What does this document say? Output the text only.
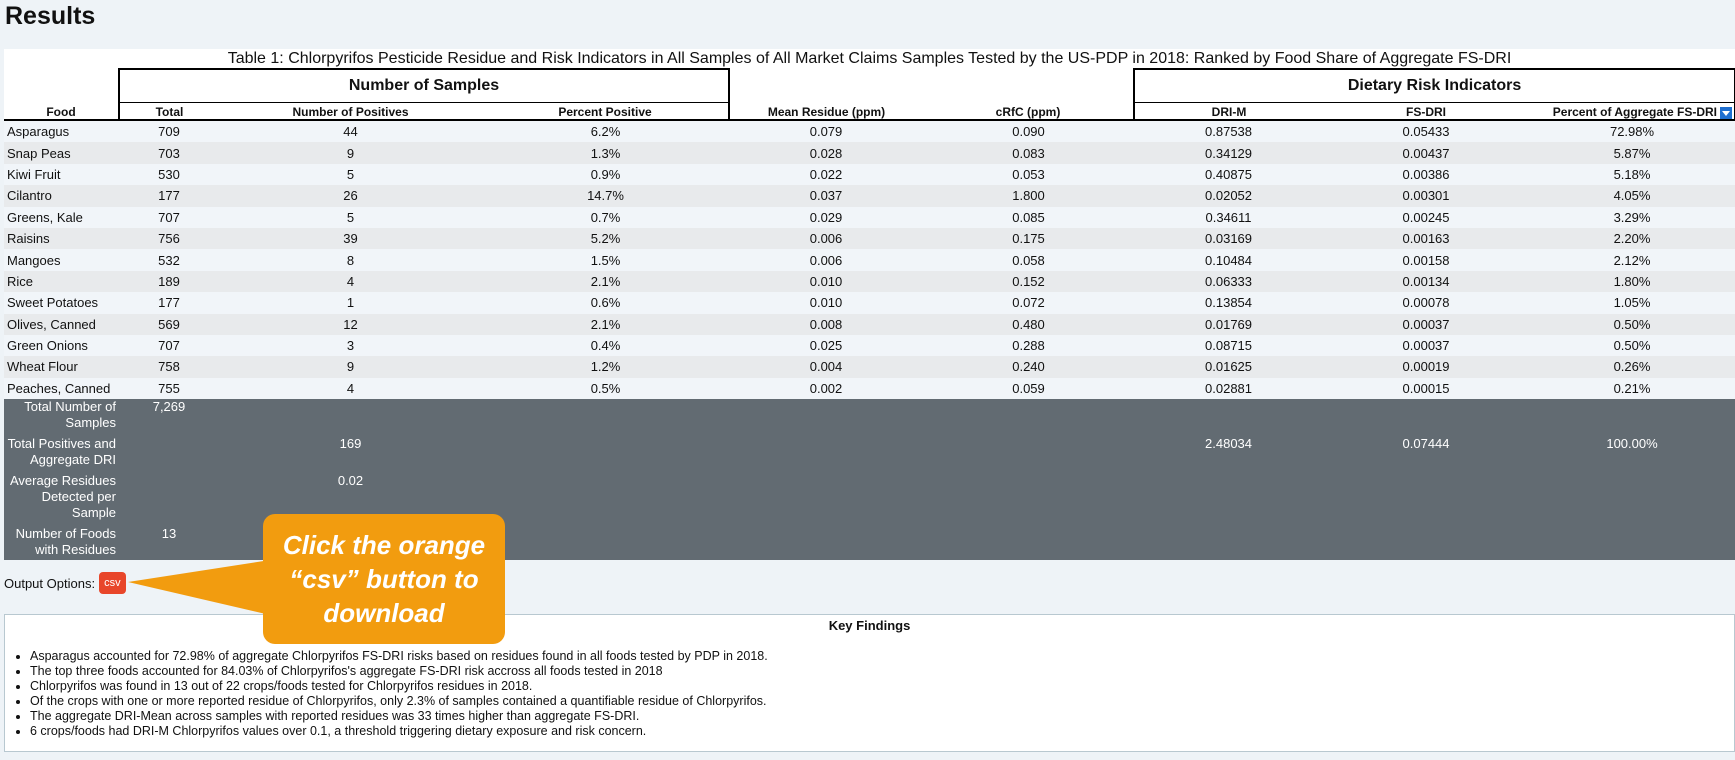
Results
Table 1: Chlorpyrifos Pesticide Residue and Risk Indicators in All Samples of All Market Claims Samples Tested by the US-PDP in 2018: Ranked by Food Share of Aggregate FS-DRI
	Number of Samples					Dietary Risk Indicators		
Food	Total	Number of Positives	Percent Positive	Mean Residue (ppm)	cRfC (ppm)	DRI-M	FS-DRI	Percent of Aggregate FS-DRI
Asparagus	709	44	6.2%	0.079	0.090	0.87538	0.05433	72.98%
Snap Peas	703	9	1.3%	0.028	0.083	0.34129	0.00437	5.87%
Kiwi Fruit	530	5	0.9%	0.022	0.053	0.40875	0.00386	5.18%
Cilantro	177	26	14.7%	0.037	1.800	0.02052	0.00301	4.05%
Greens, Kale	707	5	0.7%	0.029	0.085	0.34611	0.00245	3.29%
Raisins	756	39	5.2%	0.006	0.175	0.03169	0.00163	2.20%
Mangoes	532	8	1.5%	0.006	0.058	0.10484	0.00158	2.12%
Rice	189	4	2.1%	0.010	0.152	0.06333	0.00134	1.80%
Sweet Potatoes	177	1	0.6%	0.010	0.072	0.13854	0.00078	1.05%
Olives, Canned	569	12	2.1%	0.008	0.480	0.01769	0.00037	0.50%
Green Onions	707	3	0.4%	0.025	0.288	0.08715	0.00037	0.50%
Wheat Flour	758	9	1.2%	0.004	0.240	0.01625	0.00019	0.26%
Peaches, Canned	755	4	0.5%	0.002	0.059	0.02881	0.00015	0.21%
Total Number of Samples	7,269							
Total Positives and Aggregate DRI		169				2.48034	0.07444	100.00%
Average Residues Detected per Sample		0.02						
Number of Foods with Residues	13							
Output Options: csv
Key Findings
• Asparagus accounted for 72.98% of aggregate Chlorpyrifos FS-DRI risks based on residues found in all foods tested by PDP in 2018.
• The top three foods accounted for 84.03% of Chlorpyrifos's aggregate FS-DRI risk accross all foods tested in 2018
• Chlorpyrifos was found in 13 out of 22 crops/foods tested for Chlorpyrifos residues in 2018.
• Of the crops with one or more reported residue of Chlorpyrifos, only 2.3% of samples contained a quantifiable residue of Chlorpyrifos.
• The aggregate DRI-Mean across samples with reported residues was 33 times higher than aggregate FS-DRI.
• 6 crops/foods had DRI-M Chlorpyrifos values over 0.1, a threshold triggering dietary exposure and risk concern.
Click the orange “csv” button to download
